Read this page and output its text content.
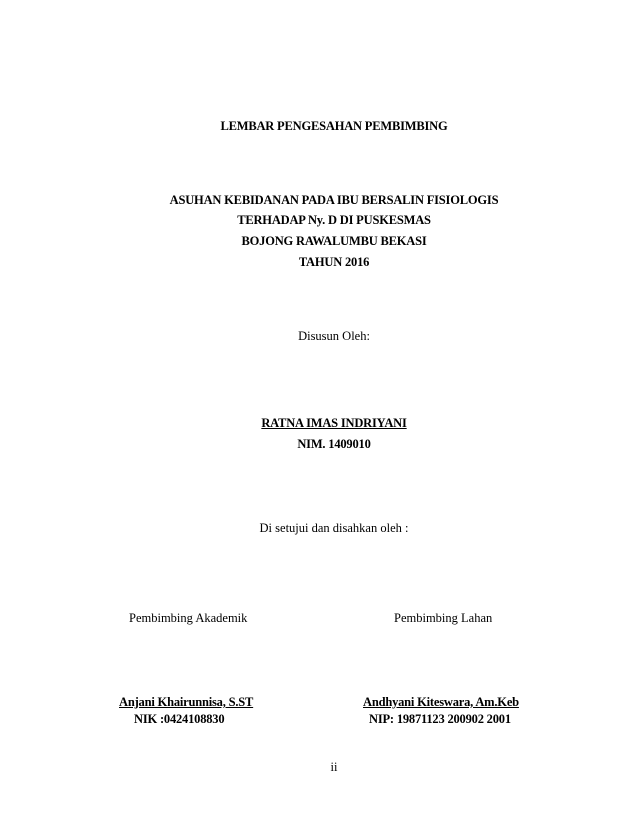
LEMBAR PENGESAHAN PEMBIMBING
ASUHAN KEBIDANAN PADA IBU BERSALIN FISIOLOGIS
TERHADAP Ny. D DI PUSKESMAS
BOJONG RAWALUMBU BEKASI
TAHUN 2016
Disusun Oleh:
RATNA IMAS INDRIYANI
NIM. 1409010
Di setujui dan disahkan oleh :
Pembimbing Akademik	Pembimbing Lahan
Anjani Khairunnisa, S.ST
NIK :0424108830
Andhyani Kiteswara, Am.Keb
NIP: 19871123 200902 2001
ii
